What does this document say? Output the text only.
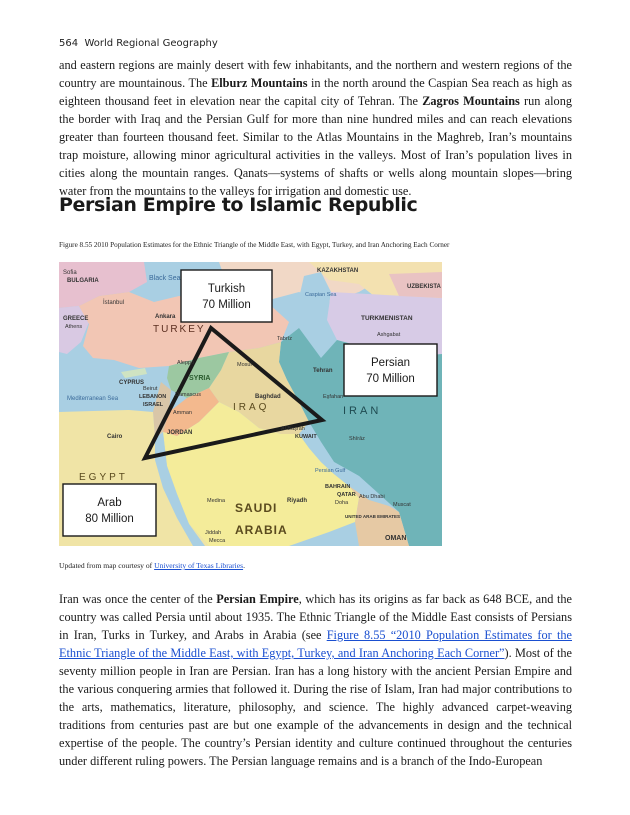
564 World Regional Geography

and eastern regions are mainly desert with few inhabitants, and the northern and western regions of the country are mountainous. The Elburz Mountains in the north around the Caspian Sea reach as high as eighteen thousand feet in elevation near the capital city of Tehran. The Zagros Mountains run along the border with Iraq and the Persian Gulf for more than nine hundred miles and can reach elevations greater than fourteen thousand feet. Similar to the Atlas Mountains in the Maghreb, Iran’s mountains trap moisture, allowing minor agricultural activities in the valleys. Most of Iran’s population lives in cities along the mountain ranges. Qanats—systems of shafts or wells along mountain slopes—bring water from the mountains to the valleys for irrigation and domestic use.

Persian Empire to Islamic Republic
Figure 8.55 2010 Population Estimates for the Ethnic Triangle of the Middle East, with Egypt, Turkey, and Iran Anchoring Each Corner
Sofia
BULGARIA	Black Sea
GREECE
Athens
İstanbul
TURKEY
Ankara
KAZAKHSTAN
UZBEKISTA
TURKMENISTAN
Ashgabat
Caspian Sea
Tabrīz
Tehran
IRAN
Eşfahan
Shīrāz
Mosul
IRAQ
Baghdad
Al Başrah
SYRIA
Aleppo
Damascus
CYPRUS
Beirut
LEBANON
ISRAEL
Amman
JORDAN
Mediterranean Sea
Cairo
EGYPT
KUWAIT
Persian Gulf
BAHRAIN
QATAR
Doha
Abu Dhabi
UNITED ARAB EMIRATES
Muscat
OMAN
Riyadh
SAUDI
ARABIA
Medina
Jiddah
Mecca
Turkish
70 Million
Persian
70 Million
Arab
80 Million
Updated from map courtesy of University of Texas Libraries.

Iran was once the center of the Persian Empire, which has its origins as far back as 648 BCE, and the country was called Persia until about 1935. The Ethnic Triangle of the Middle East consists of Persians in Iran, Turks in Turkey, and Arabs in Arabia (see Figure 8.55 “2010 Population Estimates for the Ethnic Triangle of the Middle East, with Egypt, Turkey, and Iran Anchoring Each Corner”). Most of the seventy million people in Iran are Persian. Iran has a long history with the ancient Persian Empire and the various conquering armies that followed it. During the rise of Islam, Iran had major contributions to the arts, mathematics, literature, philosophy, and science. The highly advanced carpet-weaving traditions from centuries past are but one example of the advancements in design and the technical expertise of the people. The country’s Persian identity and culture continued throughout the centuries under different ruling powers. The Persian language remains and is a branch of the Indo-European
